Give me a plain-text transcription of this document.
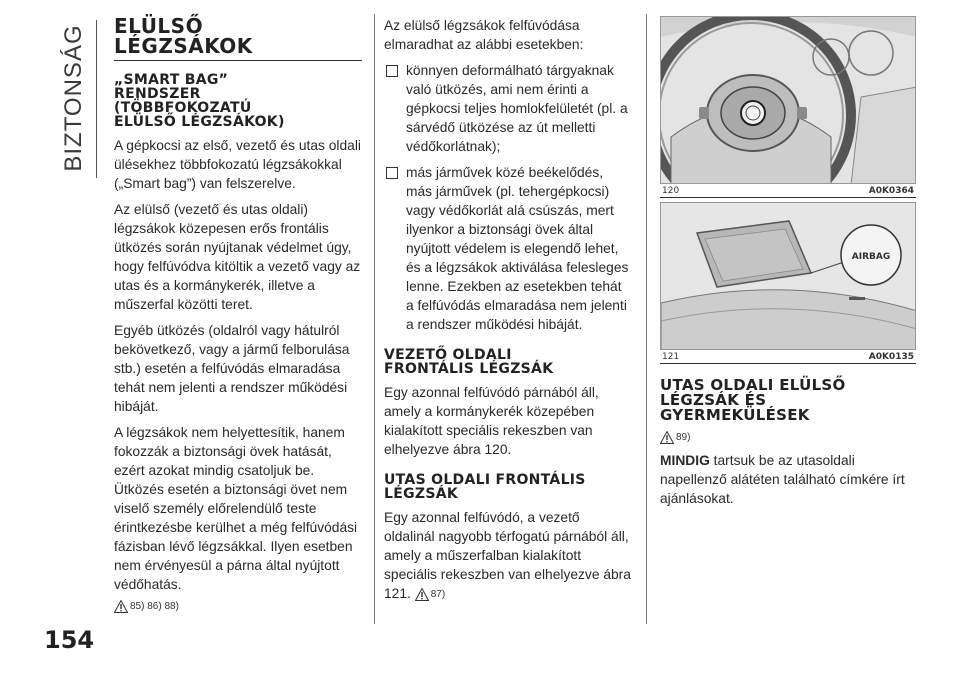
BIZTONSÁG ELÜLSŐ
LÉGZSÁKOK
„SMART BAG”
RENDSZER
(TÖBBFOKOZATÚ
ELÜLSŐ LÉGZSÁKOK)

A gépkocsi az első, vezető és utas oldali ülésekhez többfokozatú légzsákokkal („Smart bag”) van felszerelve.

Az elülső (vezető és utas oldali) légzsákok közepesen erős frontális ütközés során nyújtanak védelmet úgy, hogy felfúvódva kitöltik a vezető vagy az utas és a kormánykerék, illetve a műszerfal közötti teret.

Egyéb ütközés (oldalról vagy hátulról bekövetkező, vagy a jármű felborulása stb.) esetén a felfúvódás elmaradása tehát nem jelenti a rendszer működési hibáját.

A légzsákok nem helyettesítik, hanem fokozzák a biztonsági övek hatását, ezért azokat mindig csatoljuk be. Ütközés esetén a biztonsági övet nem viselő személy előrelendülő teste érintkezésbe kerülhet a még felfúvódási fázisban lévő légzsákkal. Ilyen esetben nem érvényesül a párna által nyújtott védőhatás.

85) 86) 88)

Az elülső légzsákok felfúvódása elmaradhat az alábbi esetekben:

könnyen deformálható tárgyaknak való ütközés, ami nem érinti a gépkocsi teljes homlokfelületét (pl. a sárvédő ütközése az út melletti védőkorlátnak);

más járművek közé beékelődés, más járművek (pl. tehergépkocsi) vagy védőkorlát alá csúszás, mert ilyenkor a biztonsági övek által nyújtott védelem is elegendő lehet, és a légzsákok aktiválása felesleges lenne. Ezekben az esetekben tehát a felfúvódás elmaradása nem jelenti a rendszer működési hibáját.

VEZETŐ OLDALI
FRONTÁLIS LÉGZSÁK

Egy azonnal felfúvódó párnából áll, amely a kormánykerék közepében kialakított speciális rekeszben van elhelyezve ábra 120.

UTAS OLDALI FRONTÁLIS
LÉGZSÁK

Egy azonnal felfúvódó, a vezető oldalinál nagyobb térfogatú párnából áll, amely a műszerfalban kialakított speciális rekeszben van elhelyezve ábra 121. 87)

120	A0K0364
AIRBAG
121	A0K0135
UTAS OLDALI ELÜLSŐ
LÉGZSÁK ÉS
GYERMEKÜLÉSEK
89)

MINDIG tartsuk be az utasoldali napellenző alátéten található címkére írt ajánlásokat.

154
